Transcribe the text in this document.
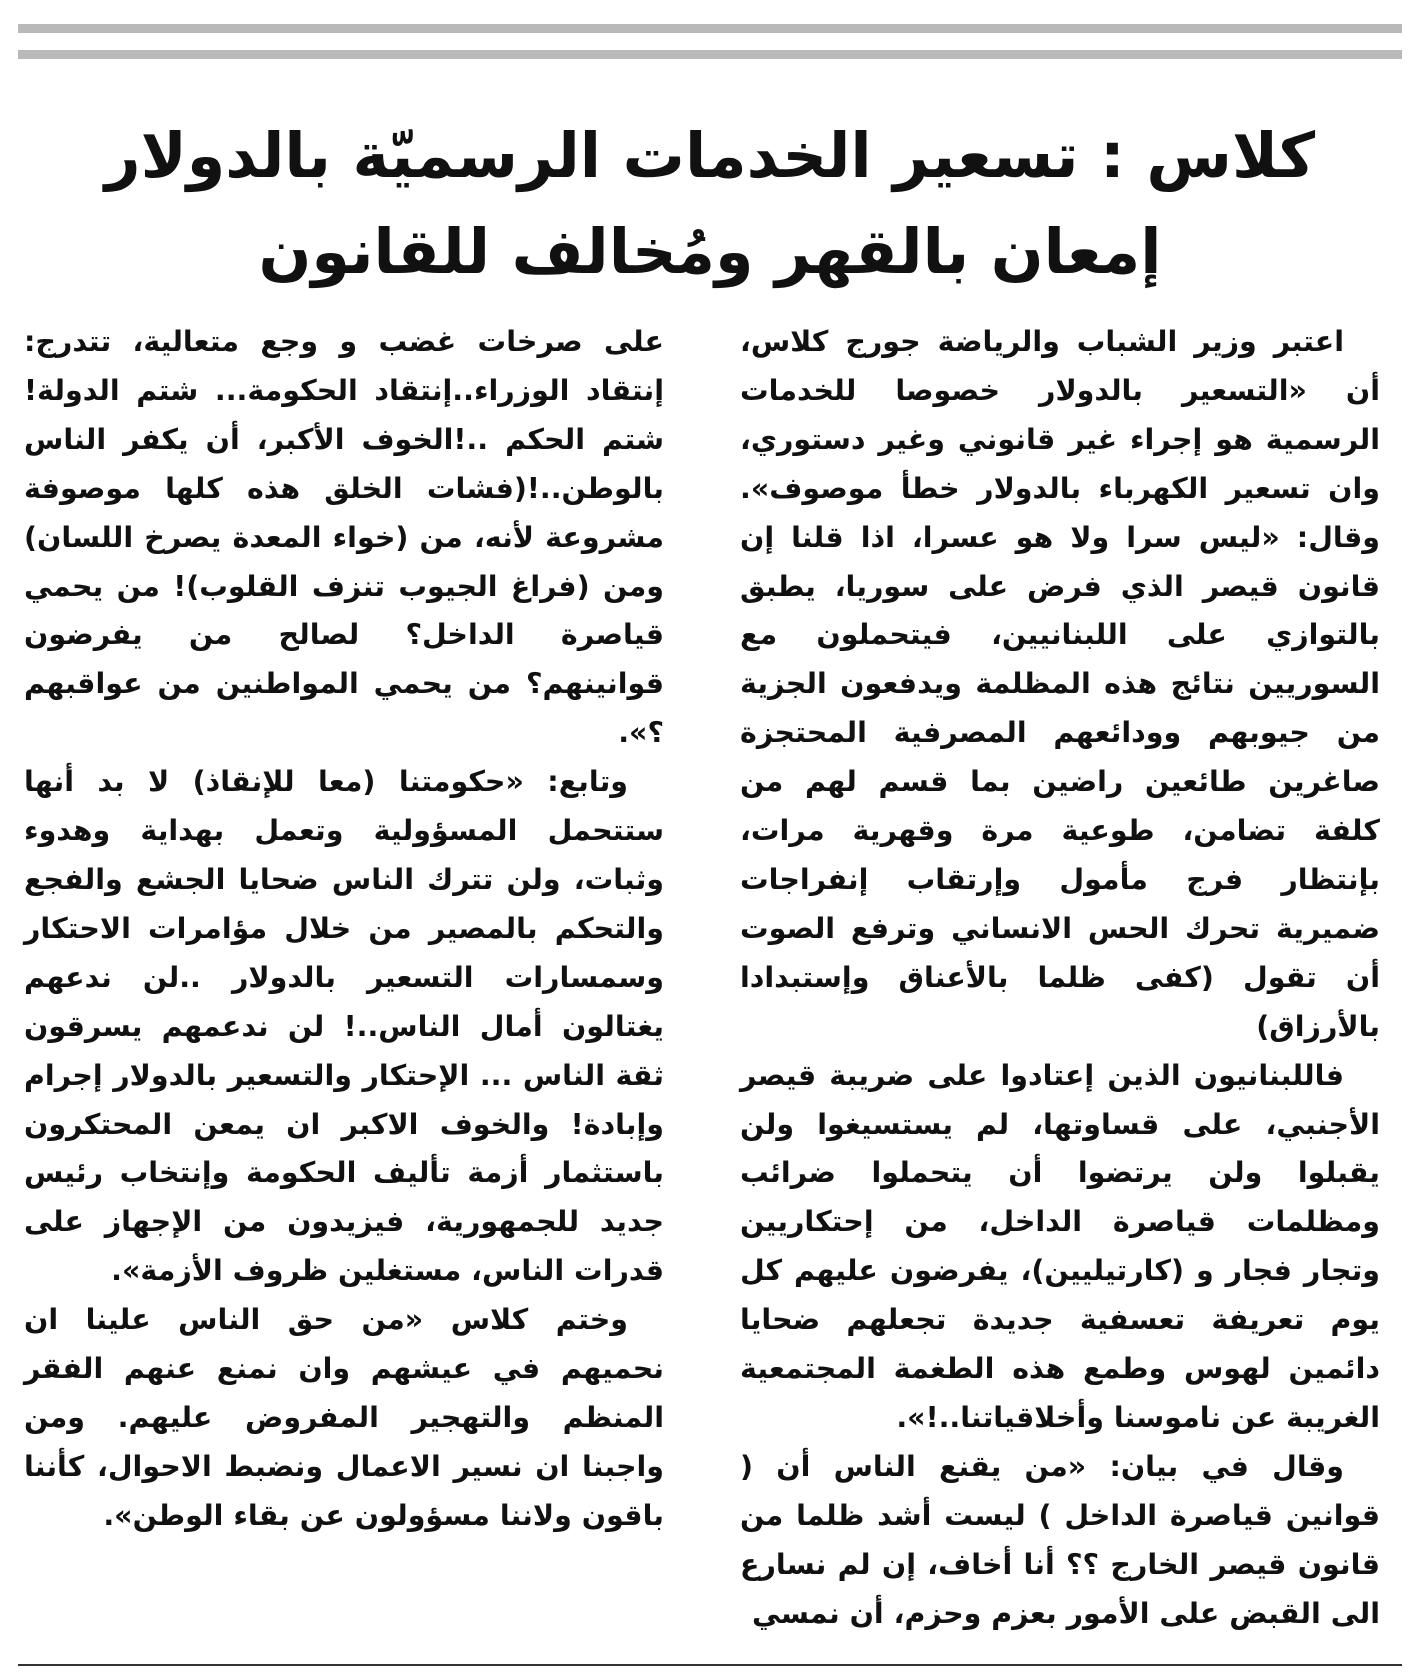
كلاس : تسعير الخدمات الرسميّة بالدولار
إمعان بالقهر ومُخالف للقانون

اعتبر وزير الشباب والرياضة جورج كلاس، أن «التسعير بالدولار خصوصا للخدمات الرسمية هو إجراء غير قانوني وغير دستوري، وان تسعير الكهرباء بالدولار خطأ موصوف». وقال: «ليس سرا ولا هو عسرا، اذا قلنا إن قانون قيصر الذي فرض على سوريا، يطبق بالتوازي على اللبنانيين، فيتحملون مع السوريين نتائج هذه المظلمة ويدفعون الجزية من جيوبهم وودائعهم المصرفية المحتجزة صاغرين طائعين راضين بما قسم لهم من كلفة تضامن، طوعية مرة وقهرية مرات، بإنتظار فرج مأمول وإرتقاب إنفراجات ضميرية تحرك الحس الانساني وترفع الصوت أن تقول (كفى ظلما بالأعناق وإستبدادا بالأرزاق)

فاللبنانيون الذين إعتادوا على ضريبة قيصر الأجنبي، على قساوتها، لم يستسيغوا ولن يقبلوا ولن يرتضوا أن يتحملوا ضرائب ومظلمات قياصرة الداخل، من إحتكاريين وتجار فجار و (كارتيليين)، يفرضون عليهم كل يوم تعريفة تعسفية جديدة تجعلهم ضحايا دائمين لهوس وطمع هذه الطغمة المجتمعية الغريبة عن ناموسنا وأخلاقياتنا..!».

وقال في بيان: «من يقنع الناس أن ( قوانين قياصرة الداخل ) ليست أشد ظلما من قانون قيصر الخارج ؟؟ أنا أخاف، إن لم نسارع الى القبض على الأمور بعزم وحزم، أن نمسي

على صرخات غضب و وجع متعالية، تتدرج: إنتقاد الوزراء..إنتقاد الحكومة... شتم الدولة! شتم الحكم ..!الخوف الأكبر، أن يكفر الناس بالوطن..!(فشات الخلق هذه كلها موصوفة مشروعة لأنه، من (خواء المعدة يصرخ اللسان) ومن (فراغ الجيوب تنزف القلوب)! من يحمي قياصرة الداخل؟ لصالح من يفرضون قوانينهم؟ من يحمي المواطنين من عواقبهم ؟».

وتابع: «حكومتنا (معا للإنقاذ) لا بد أنها ستتحمل المسؤولية وتعمل بهداية وهدوء وثبات، ولن تترك الناس ضحايا الجشع والفجع والتحكم بالمصير من خلال مؤامرات الاحتكار وسمسارات التسعير بالدولار ..لن ندعهم يغتالون أمال الناس..! لن ندعمهم يسرقون ثقة الناس ... الإحتكار والتسعير بالدولار إجرام وإبادة! والخوف الاكبر ان يمعن المحتكرون باستثمار أزمة تأليف الحكومة وإنتخاب رئيس جديد للجمهورية، فيزيدون من الإجهاز على قدرات الناس، مستغلين ظروف الأزمة».

وختم كلاس «من حق الناس علينا ان نحميهم في عيشهم وان نمنع عنهم الفقر المنظم والتهجير المفروض عليهم. ومن واجبنا ان نسير الاعمال ونضبط الاحوال، كأننا باقون ولاننا مسؤولون عن بقاء الوطن».
